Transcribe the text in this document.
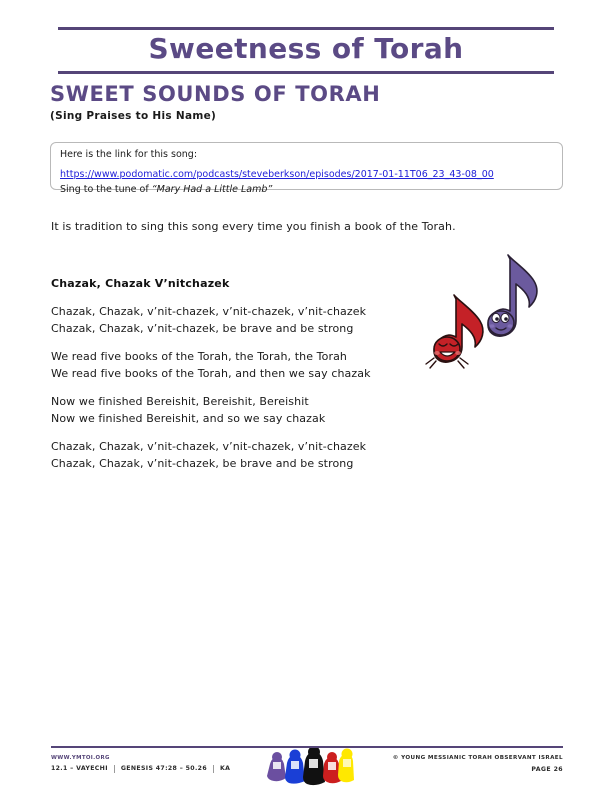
Sweetness of Torah
SWEET SOUNDS OF TORAH
(Sing Praises to His Name)
Here is the link for this song:
https://www.podomatic.com/podcasts/steveberkson/episodes/2017-01-11T06_23_43-08_00
Sing to the tune of “Mary Had a Little Lamb”
It is tradition to sing this song every time you finish a book of the Torah.
Chazak, Chazak V’nitchazek
Chazak, Chazak, v’nit-chazek, v’nit-chazek, v’nit-chazek
Chazak, Chazak, v’nit-chazek, be brave and be strong
We read five books of the Torah, the Torah, the Torah
We read five books of the Torah, and then we say chazak
Now we finished Bereishit, Bereishit, Bereishit
Now we finished Bereishit, and so we say chazak
Chazak, Chazak, v’nit-chazek, v’nit-chazek, v’nit-chazek
Chazak, Chazak, v’nit-chazek, be brave and be strong
WWW.YMTOI.ORG
12.1 – VAYECHI GENESIS 47:28 – 50.26 KA
© YOUNG MESSIANIC TORAH OBSERVANT ISRAEL
PAGE 26
